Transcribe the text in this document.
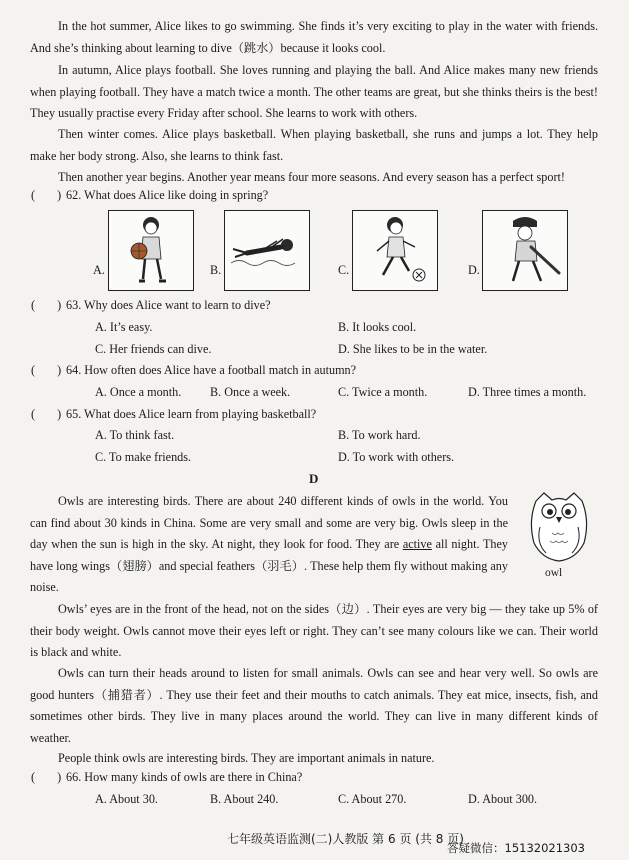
In the hot summer, Alice likes to go swimming. She finds it’s very exciting to play in the water with friends. And she’s thinking about learning to dive（跳水）because it looks cool.
In autumn, Alice plays football. She loves running and playing the ball. And Alice makes many new friends when playing football. They have a match twice a month. The other teams are great, but she thinks theirs is the best! They usually practise every Friday after school. She learns to work with others.
Then winter comes. Alice plays basketball. When playing basketball, she runs and jumps a lot. They help make her body strong. Also, she learns to think fast.
Then another year begins. Another year means four more seasons. And every season has a perfect sport!
( ) 62. What does Alice like doing in spring?
A.	B.	C.	D.
( ) 63. Why does Alice want to learn to dive?
A. It’s easy.	B. It looks cool.
C. Her friends can dive.	D. She likes to be in the water.
( ) 64. How often does Alice have a football match in autumn?
A. Once a month. B. Once a week.	C. Twice a month.	D. Three times a month.
( ) 65. What does Alice learn from playing basketball?
A. To think fast.	B. To work hard.
C. To make friends.	D. To work with others.
D
Owls are interesting birds. There are about 240 different kinds of owls in the world. You can find about 30 kinds in China. Some are very small and some are very big. Owls sleep in the day when the sun is high in the sky. At night, they look for food. They are active all night. They have long wings（翅膀）and special feathers（羽毛）. These help them fly without making any noise.
owl
Owls’ eyes are in the front of the head, not on the sides（边）. Their eyes are very big — they take up 5% of their body weight. Owls cannot move their eyes left or right. They can’t see many colours like we can. Their world is black and white.
Owls can turn their heads around to listen for small animals. Owls can see and hear very well. So owls are good hunters（捕猎者）. They use their feet and their mouths to catch animals. They eat mice, insects, fish, and sometimes other birds. They live in many places around the world. They can live in many different kinds of weather.
People think owls are interesting birds. They are important animals in nature.
( ) 66. How many kinds of owls are there in China?
A. About 30.	B. About 240.	C. About 270.	D. About 300.
七年级英语监测(二)人教版 第 6 页 (共 8 页)
答疑微信：15132021303
